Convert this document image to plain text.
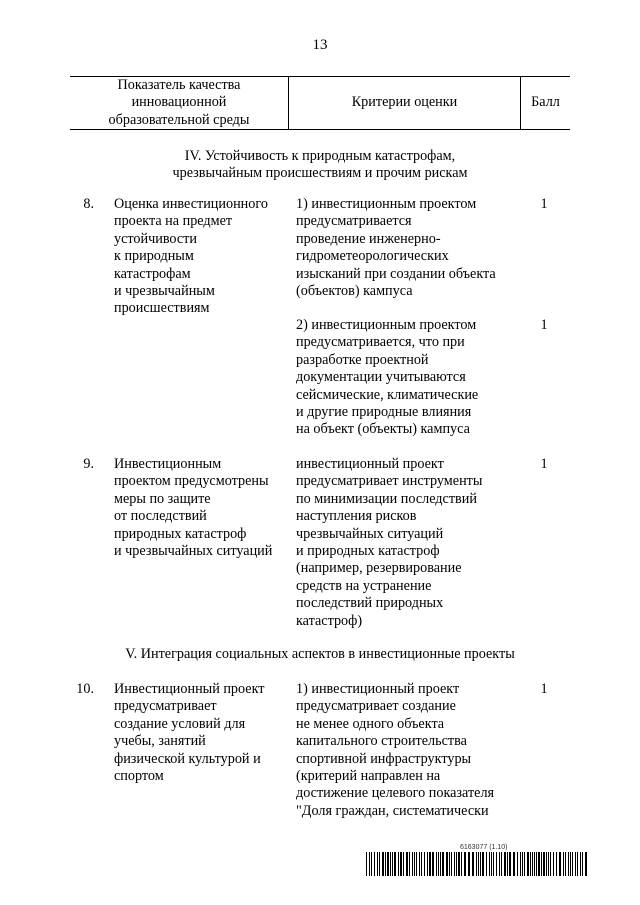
13
Показатель качества
инновационной
образовательной среды
Критерии оценки	Балл
IV. Устойчивость к природным катастрофам,
чрезвычайным происшествиям и прочим рискам
8. Оценка инвестиционного
проекта на предмет
устойчивости
к природным
катастрофам
и чрезвычайным
происшествиям
1) инвестиционным проектом
предусматривается
проведение инженерно-
гидрометеорологических
изысканий при создании объекта
(объектов) кампуса
1
2) инвестиционным проектом
предусматривается, что при
разработке проектной
документации учитываются
сейсмические, климатические
и другие природные влияния
на объект (объекты) кампуса
1
9. Инвестиционным
проектом предусмотрены
меры по защите
от последствий
природных катастроф
и чрезвычайных ситуаций
инвестиционный проект
предусматривает инструменты
по минимизации последствий
наступления рисков
чрезвычайных ситуаций
и природных катастроф
(например, резервирование
средств на устранение
последствий природных
катастроф)
1
V. Интеграция социальных аспектов в инвестиционные проекты
10. Инвестиционный проект
предусматривает
создание условий для
учебы, занятий
физической культурой и
спортом
1) инвестиционный проект
предусматривает создание
не менее одного объекта
капитального строительства
спортивной инфраструктуры
(критерий направлен на
достижение целевого показателя
"Доля граждан, систематически
1
6163077 (1.10)
